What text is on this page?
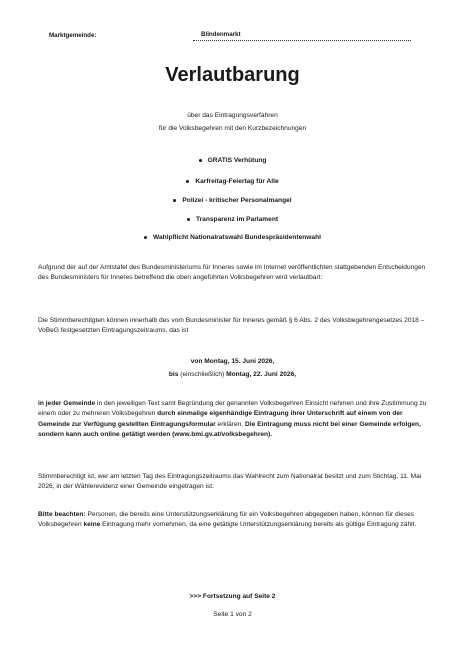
Marktgemeinde:	Blindenmarkt
Verlautbarung
über das Eintragungsverfahren
für die Volksbegehren mit den Kurzbezeichnungen
GRATIS Verhütung
Karfreitag-Feiertag für Alle
Polizei - kritischer Personalmangel
Transparenz im Parlament
Wahlpflicht Nationalratswahl Bundespräsidentenwahl

Aufgrund der auf der Amtstafel des Bundesministeriums für Inneres sowie im Internet veröffentlichten stattgebenden Entscheidungen des Bundesministers für Inneres betreffend die oben angeführten Volksbegehren wird verlautbart:

Die Stimmberechtigten können innerhalb des vom Bundesminister für Inneres gemäß § 6 Abs. 2 des Volksbegehrengesetzes 2018 – VoBeG festgesetzten Eintragungszeitraums, das ist

von Montag, 15. Juni 2026,

bis (einschließlich) Montag, 22. Juni 2026,

in jeder Gemeinde in den jeweiligen Text samt Begründung der genannten Volksbegehren Einsicht nehmen und ihre Zustimmung zu einem oder zu mehreren Volksbegehren durch einmalige eigenhändige Eintragung ihrer Unterschrift auf einem von der Gemeinde zur Verfügung gestellten Eintragungsformular erklären. Die Eintragung muss nicht bei einer Gemeinde erfolgen, sondern kann auch online getätigt werden (www.bmi.gv.at/volksbegehren).

Stimmberechtigt ist, wer am letzten Tag des Eintragungszeitraums das Wahlrecht zum Nationalrat besitzt und zum Stichtag, 11. Mai 2026, in der Wählerevidenz einer Gemeinde eingetragen ist.

Bitte beachten: Personen, die bereits eine Unterstützungserklärung für ein Volksbegehren abgegeben haben, können für dieses Volksbegehren keine Eintragung mehr vornehmen, da eine getätigte Unterstützungserklärung bereits als gültige Eintragung zählt.

>>> Fortsetzung auf Seite 2

Seite 1 von 2
